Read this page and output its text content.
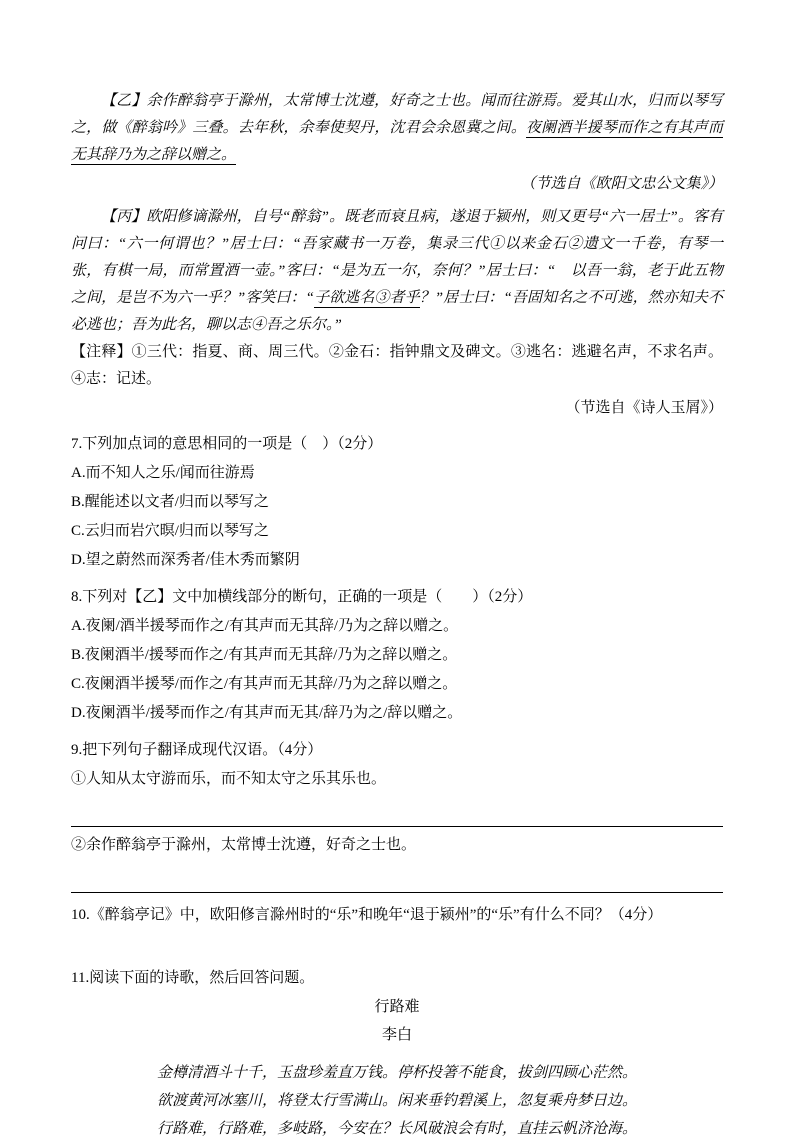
【乙】余作醉翁亭于滁州，太常博士沈遵，好奇之士也。闻而往游焉。爱其山水，归而以琴写之，做《醉翁吟》三叠。去年秋，余奉使契丹，沈君会余恩冀之间。夜阑酒半援琴而作之有其声而无其辞乃为之辞以赠之。

（节选自《欧阳文忠公文集》）

【丙】欧阳修谪滁州，自号“醉翁”。既老而衰且病，遂退于颍州，则又更号“六一居士”。客有问曰：“六一何谓也？”居士曰：“吾家藏书一万卷，集录三代①以来金石②遗文一千卷，有琴一张，有棋一局，而常置酒一壶。”客曰：“是为五一尔，奈何？”居士曰：“　以吾一翁，老于此五物之间，是岂不为六一乎？”客笑曰：“子欲逃名③者乎？”居士曰：“吾固知名之不可逃，然亦知夫不必逃也；吾为此名，聊以志④吾之乐尔。”

【注释】①三代：指夏、商、周三代。②金石：指钟鼎文及碑文。③逃名：逃避名声，不求名声。④志：记述。

（节选自《诗人玉屑》）

7.下列加点词的意思相同的一项是（　）（2分）

A.而不知人之乐/闻而往游焉

B.醒能述以文者/归而以琴写之

C.云归而岩穴暝/归而以琴写之

D.望之蔚然而深秀者/佳木秀而繁阴

8.下列对【乙】文中加横线部分的断句，正确的一项是（　　）（2分）

A.夜阑/酒半援琴而作之/有其声而无其辞/乃为之辞以赠之。

B.夜阑酒半/援琴而作之/有其声而无其辞/乃为之辞以赠之。

C.夜阑酒半援琴/而作之/有其声而无其辞/乃为之辞以赠之。

D.夜阑酒半/援琴而作之/有其声而无其/辞乃为之/辞以赠之。

9.把下列句子翻译成现代汉语。（4分）

①人知从太守游而乐，而不知太守之乐其乐也。

②余作醉翁亭于滁州，太常博士沈遵，好奇之士也。

10.《醉翁亭记》中，欧阳修言滁州时的“乐”和晚年“退于颍州”的“乐”有什么不同？（4分）

11.阅读下面的诗歌，然后回答问题。

行路难

李白

金樽清酒斗十千，玉盘珍羞直万钱。停杯投箸不能食，拔剑四顾心茫然。

欲渡黄河冰塞川，将登太行雪满山。闲来垂钓碧溪上，忽复乘舟梦日边。

行路难，行路难，多岐路，今安在？长风破浪会有时，直挂云帆济沧海。
